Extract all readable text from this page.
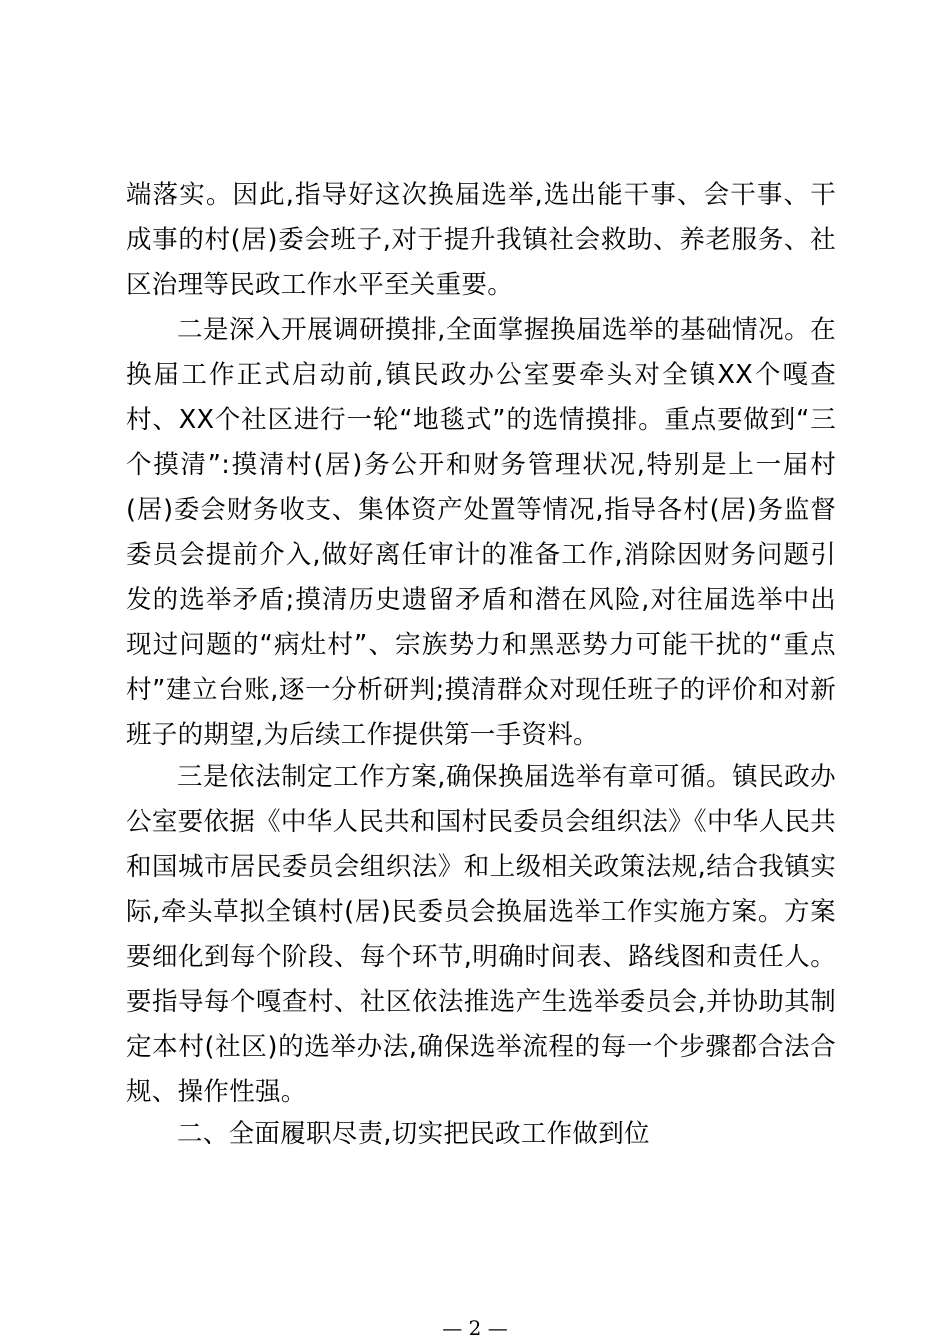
端落实。因此,指导好这次换届选举,选出能干事、会干事、干成事的村(居)委会班子,对于提升我镇社会救助、养老服务、社区治理等民政工作水平至关重要。

二是深入开展调研摸排,全面掌握换届选举的基础情况。在换届工作正式启动前,镇民政办公室要牵头对全镇XX个嘎查村、XX个社区进行一轮“地毯式”的选情摸排。重点要做到“三个摸清”:摸清村(居)务公开和财务管理状况,特别是上一届村(居)委会财务收支、集体资产处置等情况,指导各村(居)务监督委员会提前介入,做好离任审计的准备工作,消除因财务问题引发的选举矛盾;摸清历史遗留矛盾和潜在风险,对往届选举中出现过问题的“病灶村”、宗族势力和黑恶势力可能干扰的“重点村”建立台账,逐一分析研判;摸清群众对现任班子的评价和对新班子的期望,为后续工作提供第一手资料。

三是依法制定工作方案,确保换届选举有章可循。镇民政办公室要依据《中华人民共和国村民委员会组织法》《中华人民共和国城市居民委员会组织法》和上级相关政策法规,结合我镇实际,牵头草拟全镇村(居)民委员会换届选举工作实施方案。方案要细化到每个阶段、每个环节,明确时间表、路线图和责任人。要指导每个嘎查村、社区依法推选产生选举委员会,并协助其制定本村(社区)的选举办法,确保选举流程的每一个步骤都合法合规、操作性强。

二、全面履职尽责,切实把民政工作做到位

— 2 —
